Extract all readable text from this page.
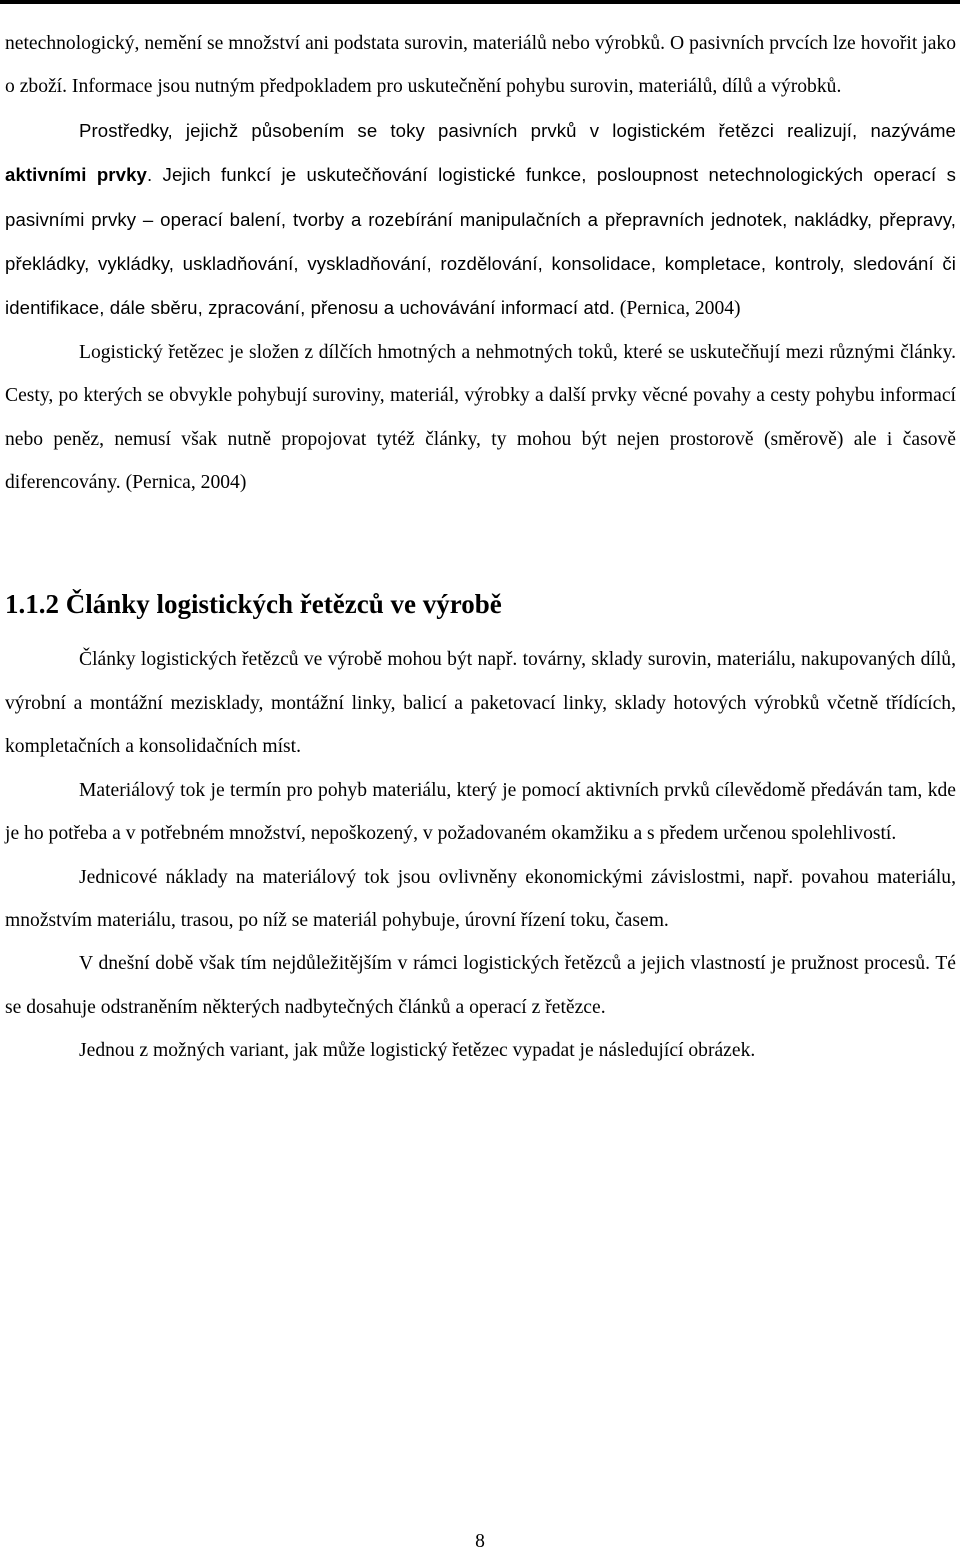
netechnologický, nemění se množství ani podstata surovin, materiálů nebo výrobků. O pasivních prvcích lze hovořit jako o zboží. Informace jsou nutným předpokladem pro uskutečnění pohybu surovin, materiálů, dílů a výrobků.

Prostředky, jejichž působením se toky pasivních prvků v logistickém řetězci realizují, nazýváme aktivními prvky. Jejich funkcí je uskutečňování logistické funkce, posloupnost netechnologických operací s pasivními prvky – operací balení, tvorby a rozebírání manipulačních a přepravních jednotek, nakládky, přepravy, překládky, vykládky, uskladňování, vyskladňování, rozdělování, konsolidace, kompletace, kontroly, sledování či identifikace, dále sběru, zpracování, přenosu a uchovávání informací atd. (Pernica, 2004)

Logistický řetězec je složen z dílčích hmotných a nehmotných toků, které se uskutečňují mezi různými články. Cesty, po kterých se obvykle pohybují suroviny, materiál, výrobky a další prvky věcné povahy a cesty pohybu informací nebo peněz, nemusí však nutně propojovat tytéž články, ty mohou být nejen prostorově (směrově) ale i časově diferencovány. (Pernica, 2004)

1.1.2 Články logistických řetězců ve výrobě

Články logistických řetězců ve výrobě mohou být např. továrny, sklady surovin, materiálu, nakupovaných dílů, výrobní a montážní mezisklady, montážní linky, balicí a paketovací linky, sklady hotových výrobků včetně třídících, kompletačních a konsolidačních míst.

Materiálový tok je termín pro pohyb materiálu, který je pomocí aktivních prvků cílevědomě předáván tam, kde je ho potřeba a v potřebném množství, nepoškozený, v požadovaném okamžiku a s předem určenou spolehlivostí.

Jednicové náklady na materiálový tok jsou ovlivněny ekonomickými závislostmi, např. povahou materiálu, množstvím materiálu, trasou, po níž se materiál pohybuje, úrovní řízení toku, časem.

V dnešní době však tím nejdůležitějším v rámci logistických řetězců a jejich vlastností je pružnost procesů. Té se dosahuje odstraněním některých nadbytečných článků a operací z řetězce.

Jednou z možných variant, jak může logistický řetězec vypadat je následující obrázek.

8
